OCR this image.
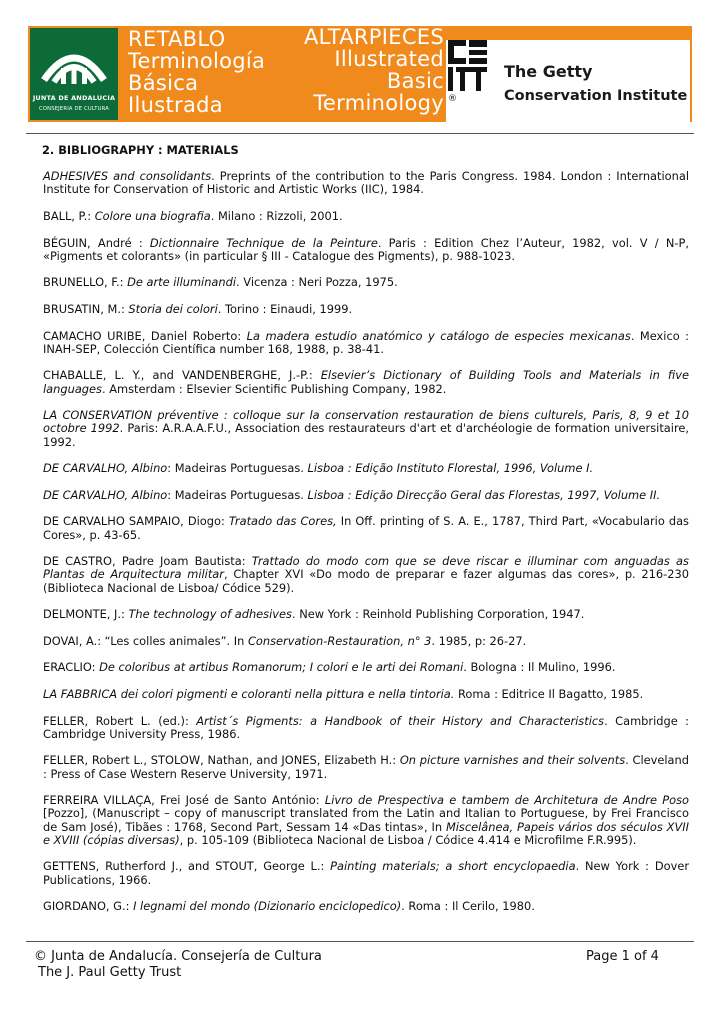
JUNTA DE ANDALUCIA
CONSEJERIA DE CULTURA
RETABLO
Terminología
Básica
Ilustrada
ALTARPIECES
Illustrated
Basic
Terminology ®
The Getty
Conservation Institute
2. BIBLIOGRAPHY : MATERIALS
ADHESIVES and consolidants. Preprints of the contribution to the Paris Congress. 1984. London : International Institute for Conservation of Historic and Artistic Works (IIC), 1984.
BALL, P.: Colore una biografia. Milano : Rizzoli, 2001.
BÉGUIN, André : Dictionnaire Technique de la Peinture. Paris : Edition Chez l’Auteur, 1982, vol. V / N-P, «Pigments et colorants» (in particular § III - Catalogue des Pigments), p. 988-1023.
BRUNELLO, F.: De arte illuminandi. Vicenza : Neri Pozza, 1975.
BRUSATIN, M.: Storia dei colori. Torino : Einaudi, 1999.
CAMACHO URIBE, Daniel Roberto: La madera estudio anatómico y catálogo de especies mexicanas. Mexico : INAH-SEP, Colección Científica number 168, 1988, p. 38-41.
CHABALLE, L. Y., and VANDENBERGHE, J.-P.: Elsevier’s Dictionary of Building Tools and Materials in five languages. Amsterdam : Elsevier Scientific Publishing Company, 1982.
LA CONSERVATION préventive : colloque sur la conservation restauration de biens culturels, Paris, 8, 9 et 10 octobre 1992. Paris: A.R.A.A.F.U., Association des restaurateurs d'art et d'archéologie de formation universitaire, 1992.
DE CARVALHO, Albino: Madeiras Portuguesas. Lisboa : Edição Instituto Florestal, 1996, Volume I.
DE CARVALHO, Albino: Madeiras Portuguesas. Lisboa : Edição Direcção Geral das Florestas, 1997, Volume II.
DE CARVALHO SAMPAIO, Diogo: Tratado das Cores, In Off. printing of S. A. E., 1787, Third Part, «Vocabulario das Cores», p. 43-65.
DE CASTRO, Padre Joam Bautista: Trattado do modo com que se deve riscar e illuminar com anguadas as Plantas de Arquitectura militar, Chapter XVI «Do modo de preparar e fazer algumas das cores», p. 216-230 (Biblioteca Nacional de Lisboa/ Códice 529).
DELMONTE, J.: The technology of adhesives. New York : Reinhold Publishing Corporation, 1947.
DOVAI, A.: “Les colles animales”. In Conservation-Restauration, n° 3. 1985, p: 26-27.
ERACLIO: De coloribus at artibus Romanorum; I colori e le arti dei Romani. Bologna : Il Mulino, 1996.
LA FABBRICA dei colori pigmenti e coloranti nella pittura e nella tintoria. Roma : Editrice Il Bagatto, 1985.
FELLER, Robert L. (ed.): Artist´s Pigments: a Handbook of their History and Characteristics. Cambridge : Cambridge University Press, 1986.
FELLER, Robert L., STOLOW, Nathan, and JONES, Elizabeth H.: On picture varnishes and their solvents. Cleveland : Press of Case Western Reserve University, 1971.
FERREIRA VILLAÇA, Frei José de Santo António: Livro de Prespectiva e tambem de Architetura de Andre Poso [Pozzo], (Manuscript – copy of manuscript translated from the Latin and Italian to Portuguese, by Frei Francisco de Sam José), Tibães : 1768, Second Part, Sessam 14 «Das tintas», In Miscelânea, Papeis vários dos séculos XVII e XVIII (cópias diversas), p. 105-109 (Biblioteca Nacional de Lisboa / Códice 4.414 e Microfilme F.R.995).
GETTENS, Rutherford J., and STOUT, George L.: Painting materials; a short encyclopaedia. New York : Dover Publications, 1966.
GIORDANO, G.: I legnami del mondo (Dizionario enciclopedico). Roma : Il Cerilo, 1980.
© Junta de Andalucía. Consejería de Cultura
The J. Paul Getty Trust
Page 1 of 4
